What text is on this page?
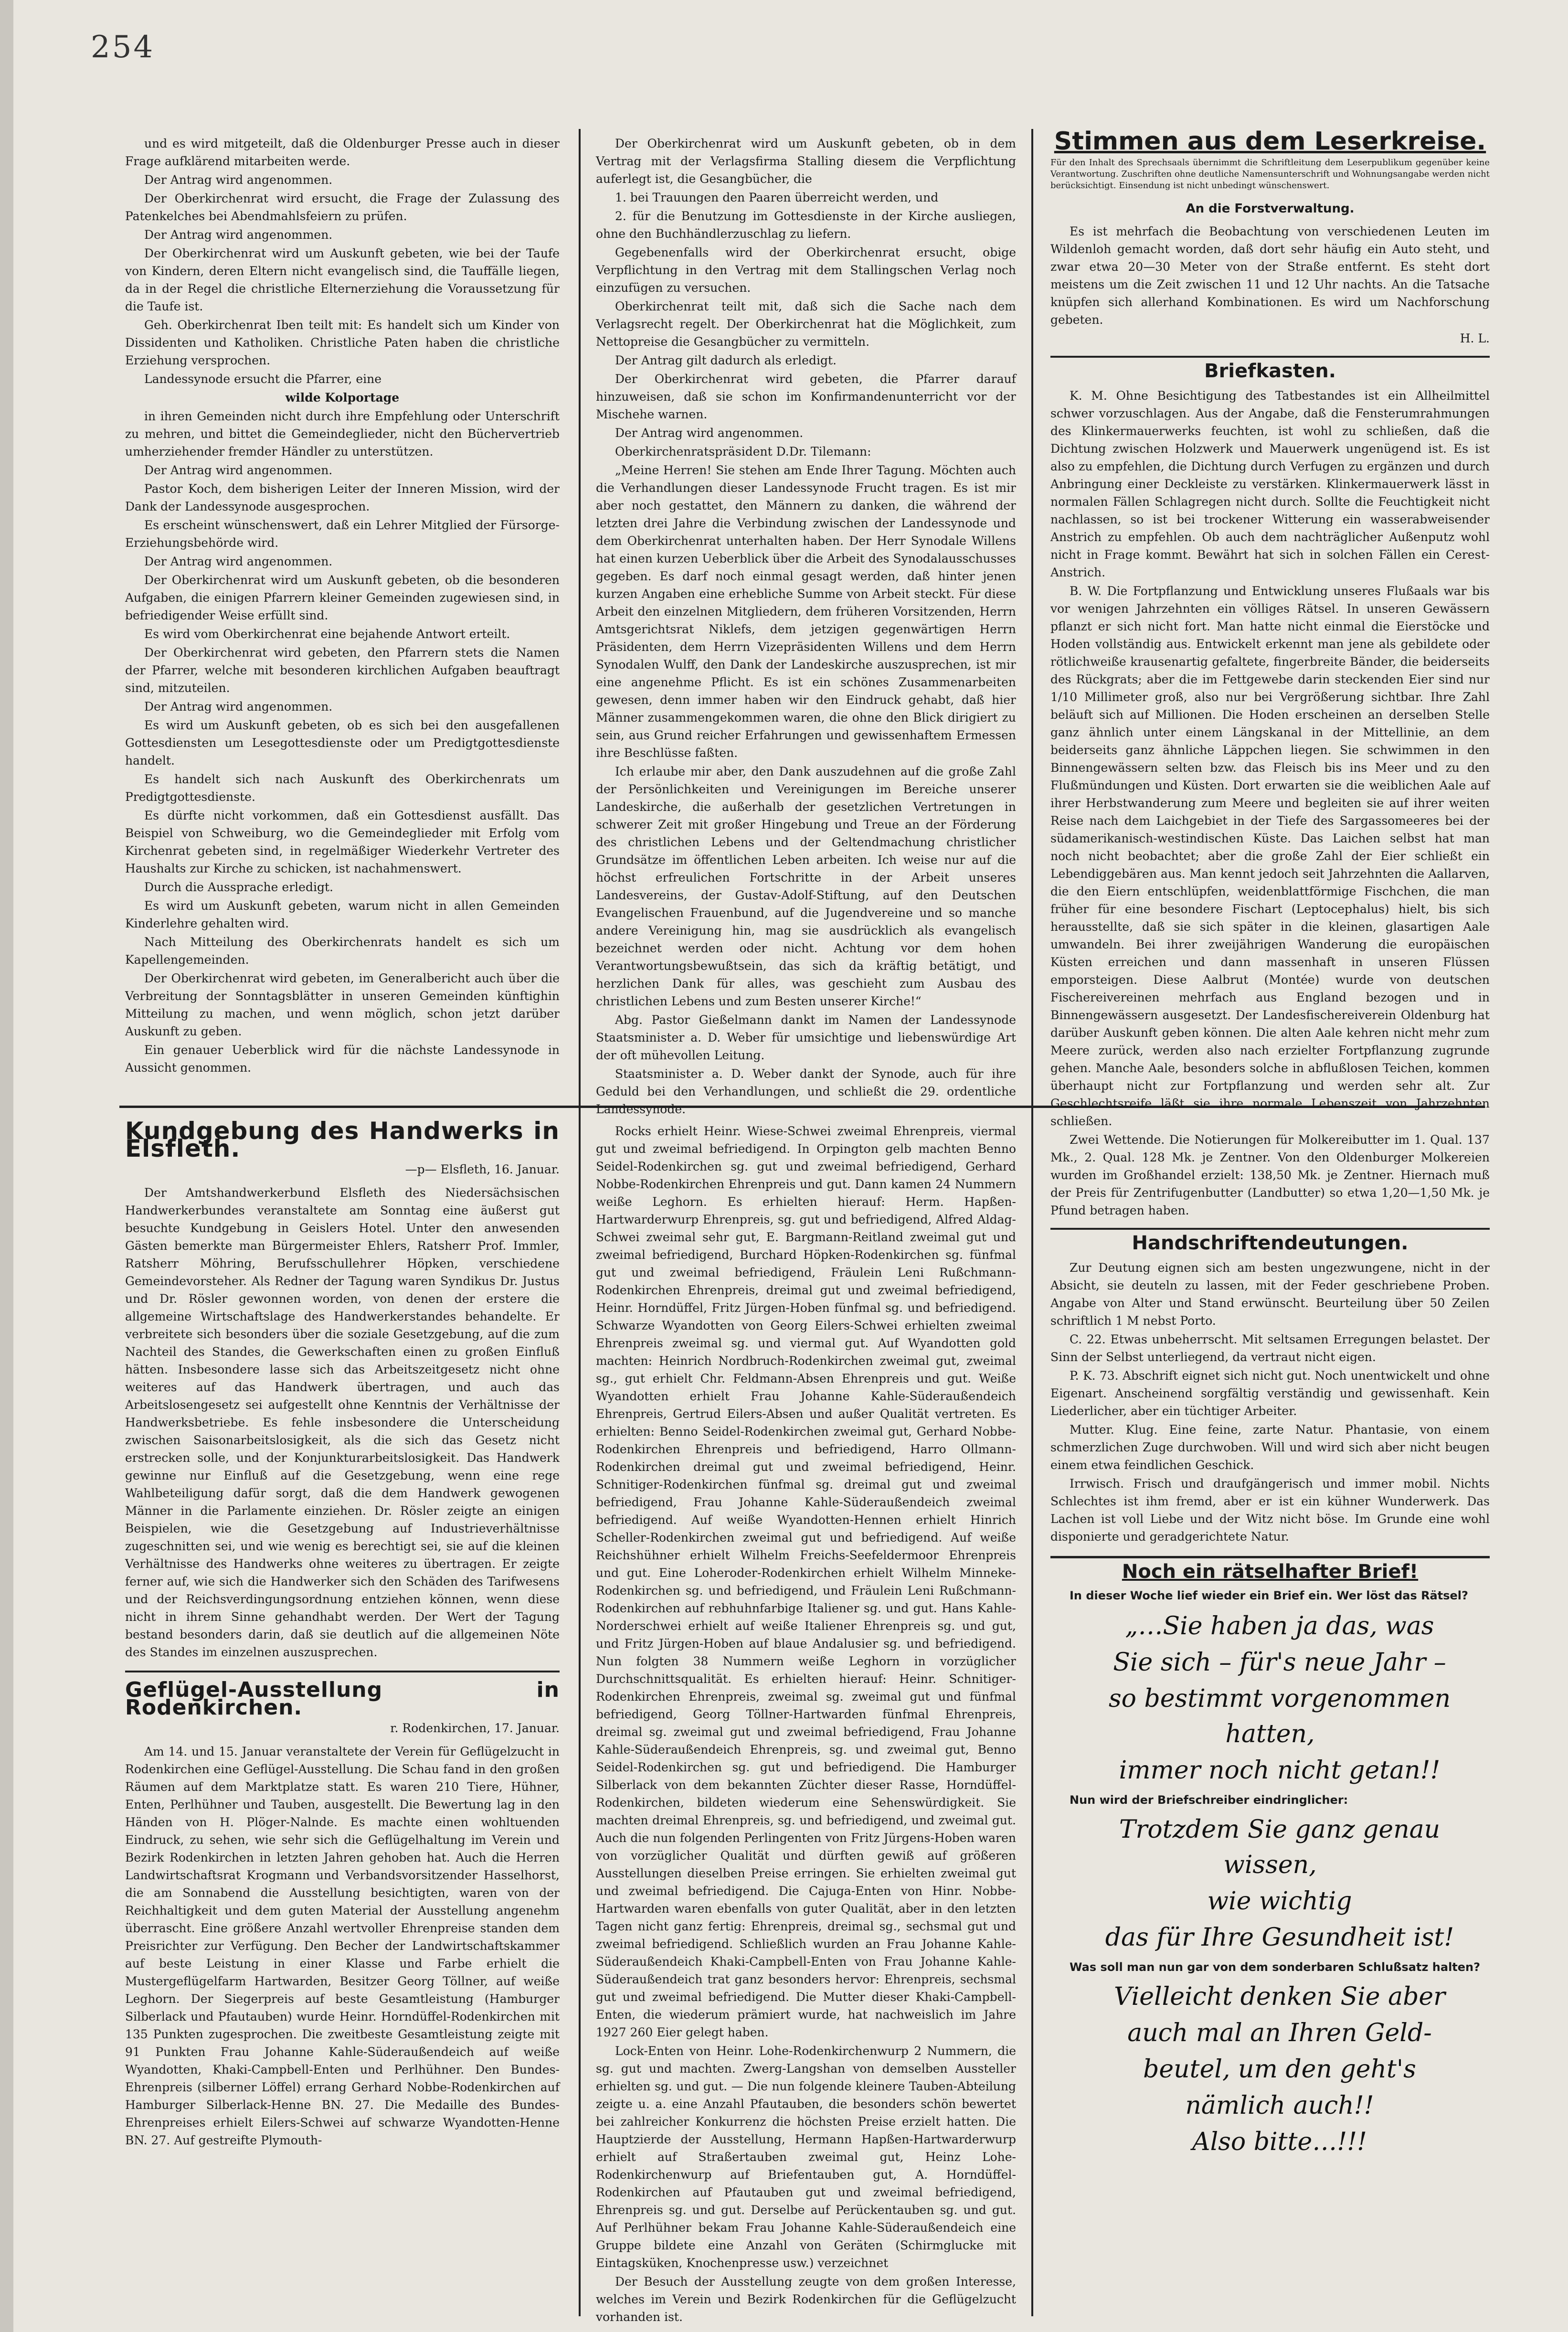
254

und es wird mitgeteilt, daß die Oldenburger Presse auch in dieser Frage aufklärend mitarbeiten werde.

Der Antrag wird angenommen.

Der Oberkirchenrat wird ersucht, die Frage der Zulassung des Patenkelches bei Abendmahlsfeiern zu prüfen.

Der Antrag wird angenommen.

Der Oberkirchenrat wird um Auskunft gebeten, wie bei der Taufe von Kindern, deren Eltern nicht evangelisch sind, die Tauffälle liegen, da in der Regel die christliche Elternerziehung die Voraussetzung für die Taufe ist.

Geh. Oberkirchenrat Iben teilt mit: Es handelt sich um Kinder von Dissidenten und Katholiken. Christliche Paten haben die christliche Erziehung versprochen.

Landessynode ersucht die Pfarrer, eine

wilde Kolportage

in ihren Gemeinden nicht durch ihre Empfehlung oder Unterschrift zu mehren, und bittet die Gemeindeglieder, nicht den Büchervertrieb umherziehender fremder Händler zu unterstützen.

Der Antrag wird angenommen.

Pastor Koch, dem bisherigen Leiter der Inneren Mission, wird der Dank der Landessynode ausgesprochen.

Es erscheint wünschenswert, daß ein Lehrer Mitglied der Fürsorge-Erziehungsbehörde wird.

Der Antrag wird angenommen.

Der Oberkirchenrat wird um Auskunft gebeten, ob die besonderen Aufgaben, die einigen Pfarrern kleiner Gemeinden zugewiesen sind, in befriedigender Weise erfüllt sind.

Es wird vom Oberkirchenrat eine bejahende Antwort erteilt.

Der Oberkirchenrat wird gebeten, den Pfarrern stets die Namen der Pfarrer, welche mit besonderen kirchlichen Aufgaben beauftragt sind, mitzuteilen.

Der Antrag wird angenommen.

Es wird um Auskunft gebeten, ob es sich bei den ausgefallenen Gottesdiensten um Lesegottesdienste oder um Predigtgottesdienste handelt.

Es handelt sich nach Auskunft des Oberkirchenrats um Predigtgottesdienste.

Es dürfte nicht vorkommen, daß ein Gottesdienst ausfällt. Das Beispiel von Schweiburg, wo die Gemeindeglieder mit Erfolg vom Kirchenrat gebeten sind, in regelmäßiger Wiederkehr Vertreter des Haushalts zur Kirche zu schicken, ist nachahmenswert.

Durch die Aussprache erledigt.

Es wird um Auskunft gebeten, warum nicht in allen Gemeinden Kinderlehre gehalten wird.

Nach Mitteilung des Oberkirchenrats handelt es sich um Kapellengemeinden.

Der Oberkirchenrat wird gebeten, im Generalbericht auch über die Verbreitung der Sonntagsblätter in unseren Gemeinden künftighin Mitteilung zu machen, und wenn möglich, schon jetzt darüber Auskunft zu geben.

Ein genauer Ueberblick wird für die nächste Landessynode in Aussicht genommen.

Kundgebung des Handwerks in Elsfleth.
—p— Elsfleth, 16. Januar.

Der Amtshandwerkerbund Elsfleth des Niedersächsischen Handwerkerbundes veranstaltete am Sonntag eine äußerst gut besuchte Kundgebung in Geislers Hotel. Unter den anwesenden Gästen bemerkte man Bürgermeister Ehlers, Ratsherr Prof. Immler, Ratsherr Möhring, Berufsschullehrer Höpken, verschiedene Gemeindevorsteher. Als Redner der Tagung waren Syndikus Dr. Justus und Dr. Rösler gewonnen worden, von denen der erstere die allgemeine Wirtschaftslage des Handwerkerstandes behandelte. Er verbreitete sich besonders über die soziale Gesetzgebung, auf die zum Nachteil des Standes, die Gewerkschaften einen zu großen Einfluß hätten. Insbesondere lasse sich das Arbeitszeitgesetz nicht ohne weiteres auf das Handwerk übertragen, und auch das Arbeitslosengesetz sei aufgestellt ohne Kenntnis der Verhältnisse der Handwerksbetriebe. Es fehle insbesondere die Unterscheidung zwischen Saisonarbeitslosigkeit, als die sich das Gesetz nicht erstrecken solle, und der Konjunkturarbeitslosigkeit. Das Handwerk gewinne nur Einfluß auf die Gesetzgebung, wenn eine rege Wahlbeteiligung dafür sorgt, daß die dem Handwerk gewogenen Männer in die Parlamente einziehen. Dr. Rösler zeigte an einigen Beispielen, wie die Gesetzgebung auf Industrieverhältnisse zugeschnitten sei, und wie wenig es berechtigt sei, sie auf die kleinen Verhältnisse des Handwerks ohne weiteres zu übertragen. Er zeigte ferner auf, wie sich die Handwerker sich den Schäden des Tarifwesens und der Reichsverdingungsordnung entziehen können, wenn diese nicht in ihrem Sinne gehandhabt werden. Der Wert der Tagung bestand besonders darin, daß sie deutlich auf die allgemeinen Nöte des Standes im einzelnen auszusprechen.

Geflügel-Ausstellung in Rodenkirchen.
r. Rodenkirchen, 17. Januar.

Am 14. und 15. Januar veranstaltete der Verein für Geflügelzucht in Rodenkirchen eine Geflügel-Ausstellung. Die Schau fand in den großen Räumen auf dem Marktplatze statt. Es waren 210 Tiere, Hühner, Enten, Perlhühner und Tauben, ausgestellt. Die Bewertung lag in den Händen von H. Plöger-Nalnde. Es machte einen wohltuenden Eindruck, zu sehen, wie sehr sich die Geflügelhaltung im Verein und Bezirk Rodenkirchen in letzten Jahren gehoben hat. Auch die Herren Landwirtschaftsrat Krogmann und Verbandsvorsitzender Hasselhorst, die am Sonnabend die Ausstellung besichtigten, waren von der Reichhaltigkeit und dem guten Material der Ausstellung angenehm überrascht. Eine größere Anzahl wertvoller Ehrenpreise standen dem Preisrichter zur Verfügung. Den Becher der Landwirtschaftskammer auf beste Leistung in einer Klasse und Farbe erhielt die Mustergeflügelfarm Hartwarden, Besitzer Georg Töllner, auf weiße Leghorn. Der Siegerpreis auf beste Gesamtleistung (Hamburger Silberlack und Pfautauben) wurde Heinr. Horndüffel-Rodenkirchen mit 135 Punkten zugesprochen. Die zweitbeste Gesamtleistung zeigte mit 91 Punkten Frau Johanne Kahle-Süderaußendeich auf weiße Wyandotten, Khaki-Campbell-Enten und Perlhühner. Den Bundes-Ehrenpreis (silberner Löffel) errang Gerhard Nobbe-Rodenkirchen auf Hamburger Silberlack-Henne BN. 27. Die Medaille des Bundes-Ehrenpreises erhielt Eilers-Schwei auf schwarze Wyandotten-Henne BN. 27. Auf gestreifte Plymouth-

Der Oberkirchenrat wird um Auskunft gebeten, ob in dem Vertrag mit der Verlagsfirma Stalling diesem die Verpflichtung auferlegt ist, die Gesangbücher, die

1. bei Trauungen den Paaren überreicht werden, und

2. für die Benutzung im Gottesdienste in der Kirche ausliegen, ohne den Buchhändlerzuschlag zu liefern.

Gegebenenfalls wird der Oberkirchenrat ersucht, obige Verpflichtung in den Vertrag mit dem Stallingschen Verlag noch einzufügen zu versuchen.

Oberkirchenrat teilt mit, daß sich die Sache nach dem Verlagsrecht regelt. Der Oberkirchenrat hat die Möglichkeit, zum Nettopreise die Gesangbücher zu vermitteln.

Der Antrag gilt dadurch als erledigt.

Der Oberkirchenrat wird gebeten, die Pfarrer darauf hinzuweisen, daß sie schon im Konfirmandenunterricht vor der Mischehe warnen.

Der Antrag wird angenommen.

Oberkirchenratspräsident D.Dr. Tilemann:

„Meine Herren! Sie stehen am Ende Ihrer Tagung. Möchten auch die Verhandlungen dieser Landessynode Frucht tragen. Es ist mir aber noch gestattet, den Männern zu danken, die während der letzten drei Jahre die Verbindung zwischen der Landessynode und dem Oberkirchenrat unterhalten haben. Der Herr Synodale Willens hat einen kurzen Ueberblick über die Arbeit des Synodalausschusses gegeben. Es darf noch einmal gesagt werden, daß hinter jenen kurzen Angaben eine erhebliche Summe von Arbeit steckt. Für diese Arbeit den einzelnen Mitgliedern, dem früheren Vorsitzenden, Herrn Amtsgerichtsrat Niklefs, dem jetzigen gegenwärtigen Herrn Präsidenten, dem Herrn Vizepräsidenten Willens und dem Herrn Synodalen Wulff, den Dank der Landeskirche auszusprechen, ist mir eine angenehme Pflicht. Es ist ein schönes Zusammenarbeiten gewesen, denn immer haben wir den Eindruck gehabt, daß hier Männer zusammengekommen waren, die ohne den Blick dirigiert zu sein, aus Grund reicher Erfahrungen und gewissenhaftem Ermessen ihre Beschlüsse faßten.

Ich erlaube mir aber, den Dank auszudehnen auf die große Zahl der Persönlichkeiten und Vereinigungen im Bereiche unserer Landeskirche, die außerhalb der gesetzlichen Vertretungen in schwerer Zeit mit großer Hingebung und Treue an der Förderung des christlichen Lebens und der Geltendmachung christlicher Grundsätze im öffentlichen Leben arbeiten. Ich weise nur auf die höchst erfreulichen Fortschritte in der Arbeit unseres Landesvereins, der Gustav-Adolf-Stiftung, auf den Deutschen Evangelischen Frauenbund, auf die Jugendvereine und so manche andere Vereinigung hin, mag sie ausdrücklich als evangelisch bezeichnet werden oder nicht. Achtung vor dem hohen Verantwortungsbewußtsein, das sich da kräftig betätigt, und herzlichen Dank für alles, was geschieht zum Ausbau des christlichen Lebens und zum Besten unserer Kirche!“

Abg. Pastor Gießelmann dankt im Namen der Landessynode Staatsminister a. D. Weber für umsichtige und liebenswürdige Art der oft mühevollen Leitung.

Staatsminister a. D. Weber dankt der Synode, auch für ihre Geduld bei den Verhandlungen, und schließt die 29. ordentliche Landessynode.

Rocks erhielt Heinr. Wiese-Schwei zweimal Ehrenpreis, viermal gut und zweimal befriedigend. In Orpington gelb machten Benno Seidel-Rodenkirchen sg. gut und zweimal befriedigend, Gerhard Nobbe-Rodenkirchen Ehrenpreis und gut. Dann kamen 24 Nummern weiße Leghorn. Es erhielten hierauf: Herm. Hapßen-Hartwarderwurp Ehrenpreis, sg. gut und befriedigend, Alfred Aldag-Schwei zweimal sehr gut, E. Bargmann-Reitland zweimal gut und zweimal befriedigend, Burchard Höpken-Rodenkirchen sg. fünfmal gut und zweimal befriedigend, Fräulein Leni Rußchmann-Rodenkirchen Ehrenpreis, dreimal gut und zweimal befriedigend, Heinr. Horndüffel, Fritz Jürgen-Hoben fünfmal sg. und befriedigend. Schwarze Wyandotten von Georg Eilers-Schwei erhielten zweimal Ehrenpreis zweimal sg. und viermal gut. Auf Wyandotten gold machten: Heinrich Nordbruch-Rodenkirchen zweimal gut, zweimal sg., gut erhielt Chr. Feldmann-Absen Ehrenpreis und gut. Weiße Wyandotten erhielt Frau Johanne Kahle-Süderaußendeich Ehrenpreis, Gertrud Eilers-Absen und außer Qualität vertreten. Es erhielten: Benno Seidel-Rodenkirchen zweimal gut, Gerhard Nobbe-Rodenkirchen Ehrenpreis und befriedigend, Harro Ollmann-Rodenkirchen dreimal gut und zweimal befriedigend, Heinr. Schnitiger-Rodenkirchen fünfmal sg. dreimal gut und zweimal befriedigend, Frau Johanne Kahle-Süderaußendeich zweimal befriedigend. Auf weiße Wyandotten-Hennen erhielt Hinrich Scheller-Rodenkirchen zweimal gut und befriedigend. Auf weiße Reichshühner erhielt Wilhelm Freichs-Seefeldermoor Ehrenpreis und gut. Eine Loheroder-Rodenkirchen erhielt Wilhelm Minneke-Rodenkirchen sg. und befriedigend, und Fräulein Leni Rußchmann-Rodenkirchen auf rebhuhnfarbige Italiener sg. und gut. Hans Kahle-Norderschwei erhielt auf weiße Italiener Ehrenpreis sg. und gut, und Fritz Jürgen-Hoben auf blaue Andalusier sg. und befriedigend. Nun folgten 38 Nummern weiße Leghorn in vorzüglicher Durchschnittsqualität. Es erhielten hierauf: Heinr. Schnitiger-Rodenkirchen Ehrenpreis, zweimal sg. zweimal gut und fünfmal befriedigend, Georg Töllner-Hartwarden fünfmal Ehrenpreis, dreimal sg. zweimal gut und zweimal befriedigend, Frau Johanne Kahle-Süderaußendeich Ehrenpreis, sg. und zweimal gut, Benno Seidel-Rodenkirchen sg. gut und befriedigend. Die Hamburger Silberlack von dem bekannten Züchter dieser Rasse, Horndüffel-Rodenkirchen, bildeten wiederum eine Sehenswürdigkeit. Sie machten dreimal Ehrenpreis, sg. und befriedigend, und zweimal gut. Auch die nun folgenden Perlingenten von Fritz Jürgens-Hoben waren von vorzüglicher Qualität und dürften gewiß auf größeren Ausstellungen dieselben Preise erringen. Sie erhielten zweimal gut und zweimal befriedigend. Die Cajuga-Enten von Hinr. Nobbe-Hartwarden waren ebenfalls von guter Qualität, aber in den letzten Tagen nicht ganz fertig: Ehrenpreis, dreimal sg., sechsmal gut und zweimal befriedigend. Schließlich wurden an Frau Johanne Kahle-Süderaußendeich Khaki-Campbell-Enten von Frau Johanne Kahle-Süderaußendeich trat ganz besonders hervor: Ehrenpreis, sechsmal gut und zweimal befriedigend. Die Mutter dieser Khaki-Campbell-Enten, die wiederum prämiert wurde, hat nachweislich im Jahre 1927 260 Eier gelegt haben.

Lock-Enten von Heinr. Lohe-Rodenkirchenwurp 2 Nummern, die sg. gut und machten. Zwerg-Langshan von demselben Aussteller erhielten sg. und gut. — Die nun folgende kleinere Tauben-Abteilung zeigte u. a. eine Anzahl Pfautauben, die besonders schön bewertet bei zahlreicher Konkurrenz die höchsten Preise erzielt hatten. Die Hauptzierde der Ausstellung, Hermann Hapßen-Hartwarderwurp erhielt auf Straßertauben zweimal gut, Heinz Lohe-Rodenkirchenwurp auf Briefentauben gut, A. Horndüffel-Rodenkirchen auf Pfautauben gut und zweimal befriedigend, Ehrenpreis sg. und gut. Derselbe auf Perückentauben sg. und gut. Auf Perlhühner bekam Frau Johanne Kahle-Süderaußendeich eine Gruppe bildete eine Anzahl von Geräten (Schirmglucke mit Eintagsküken, Knochenpresse usw.) verzeichnet

Der Besuch der Ausstellung zeugte von dem großen Interesse, welches im Verein und Bezirk Rodenkirchen für die Geflügelzucht vorhanden ist.

Stimmen aus dem Leserkreise.
Für den Inhalt des Sprechsaals übernimmt die Schriftleitung dem Leserpublikum gegenüber keine Verantwortung. Zuschriften ohne deutliche Namensunterschrift und Wohnungsangabe werden nicht berücksichtigt. Einsendung ist nicht unbedingt wünschenswert.
An die Forstverwaltung.

Es ist mehrfach die Beobachtung von verschiedenen Leuten im Wildenloh gemacht worden, daß dort sehr häufig ein Auto steht, und zwar etwa 20—30 Meter von der Straße entfernt. Es steht dort meistens um die Zeit zwischen 11 und 12 Uhr nachts. An die Tatsache knüpfen sich allerhand Kombinationen. Es wird um Nachforschung gebeten.

H. L.

Briefkasten.

K. M. Ohne Besichtigung des Tatbestandes ist ein Allheilmittel schwer vorzuschlagen. Aus der Angabe, daß die Fensterumrahmungen des Klinkermauerwerks feuchten, ist wohl zu schließen, daß die Dichtung zwischen Holzwerk und Mauerwerk ungenügend ist. Es ist also zu empfehlen, die Dichtung durch Verfugen zu ergänzen und durch Anbringung einer Deckleiste zu verstärken. Klinkermauerwerk lässt in normalen Fällen Schlagregen nicht durch. Sollte die Feuchtigkeit nicht nachlassen, so ist bei trockener Witterung ein wasserabweisender Anstrich zu empfehlen. Ob auch dem nachträglicher Außenputz wohl nicht in Frage kommt. Bewährt hat sich in solchen Fällen ein Cerest-Anstrich.

B. W. Die Fortpflanzung und Entwicklung unseres Flußaals war bis vor wenigen Jahrzehnten ein völliges Rätsel. In unseren Gewässern pflanzt er sich nicht fort. Man hatte nicht einmal die Eierstöcke und Hoden vollständig aus. Entwickelt erkennt man jene als gebildete oder rötlichweiße krausenartig gefaltete, fingerbreite Bänder, die beiderseits des Rückgrats; aber die im Fettgewebe darin steckenden Eier sind nur 1/10 Millimeter groß, also nur bei Vergrößerung sichtbar. Ihre Zahl beläuft sich auf Millionen. Die Hoden erscheinen an derselben Stelle ganz ähnlich unter einem Längskanal in der Mittellinie, an dem beiderseits ganz ähnliche Läppchen liegen. Sie schwimmen in den Binnengewässern selten bzw. das Fleisch bis ins Meer und zu den Flußmündungen und Küsten. Dort erwarten sie die weiblichen Aale auf ihrer Herbstwanderung zum Meere und begleiten sie auf ihrer weiten Reise nach dem Laichgebiet in der Tiefe des Sargassomeeres bei der südamerikanisch-westindischen Küste. Das Laichen selbst hat man noch nicht beobachtet; aber die große Zahl der Eier schließt ein Lebendiggebären aus. Man kennt jedoch seit Jahrzehnten die Aallarven, die den Eiern entschlüpfen, weidenblattförmige Fischchen, die man früher für eine besondere Fischart (Leptocephalus) hielt, bis sich herausstellte, daß sie sich später in die kleinen, glasartigen Aale umwandeln. Bei ihrer zweijährigen Wanderung die europäischen Küsten erreichen und dann massenhaft in unseren Flüssen emporsteigen. Diese Aalbrut (Montée) wurde von deutschen Fischereivereinen mehrfach aus England bezogen und in Binnengewässern ausgesetzt. Der Landesfischereiverein Oldenburg hat darüber Auskunft geben können. Die alten Aale kehren nicht mehr zum Meere zurück, werden also nach erzielter Fortpflanzung zugrunde gehen. Manche Aale, besonders solche in abflußlosen Teichen, kommen überhaupt nicht zur Fortpflanzung und werden sehr alt. Zur Geschlechtsreife läßt sie ihre normale Lebenszeit von Jahrzehnten schließen.

Zwei Wettende. Die Notierungen für Molkereibutter im 1. Qual. 137 Mk., 2. Qual. 128 Mk. je Zentner. Von den Oldenburger Molkereien wurden im Großhandel erzielt: 138,50 Mk. je Zentner. Hiernach muß der Preis für Zentrifugenbutter (Landbutter) so etwa 1,20—1,50 Mk. je Pfund betragen haben.

Handschriftendeutungen.

Zur Deutung eignen sich am besten ungezwungene, nicht in der Absicht, sie deuteln zu lassen, mit der Feder geschriebene Proben. Angabe von Alter und Stand erwünscht. Beurteilung über 50 Zeilen schriftlich 1 M nebst Porto.

C. 22. Etwas unbeherrscht. Mit seltsamen Erregungen belastet. Der Sinn der Selbst unterliegend, da vertraut nicht eigen.

P. K. 73. Abschrift eignet sich nicht gut. Noch unentwickelt und ohne Eigenart. Anscheinend sorgfältig verständig und gewissenhaft. Kein Liederlicher, aber ein tüchtiger Arbeiter.

Mutter. Klug. Eine feine, zarte Natur. Phantasie, von einem schmerzlichen Zuge durchwoben. Will und wird sich aber nicht beugen einem etwa feindlichen Geschick.

Irrwisch. Frisch und draufgängerisch und immer mobil. Nichts Schlechtes ist ihm fremd, aber er ist ein kühner Wunderwerk. Das Lachen ist voll Liebe und der Witz nicht böse. Im Grunde eine wohl disponierte und geradgerichtete Natur.

Noch ein rätselhafter Brief!

In dieser Woche lief wieder ein Brief ein. Wer löst das Rätsel?

„…Sie haben ja das, was

Sie sich – für's neue Jahr –

so bestimmt vorgenommen hatten,

immer noch nicht getan!!

Nun wird der Briefschreiber eindringlicher:

Trotzdem Sie ganz genau wissen,

wie wichtig

das für Ihre Gesundheit ist!

Was soll man nun gar von dem sonderbaren Schlußsatz halten?

Vielleicht denken Sie aber

auch mal an Ihren Geld-

beutel, um den geht's

nämlich auch!!

Also bitte…!!!
